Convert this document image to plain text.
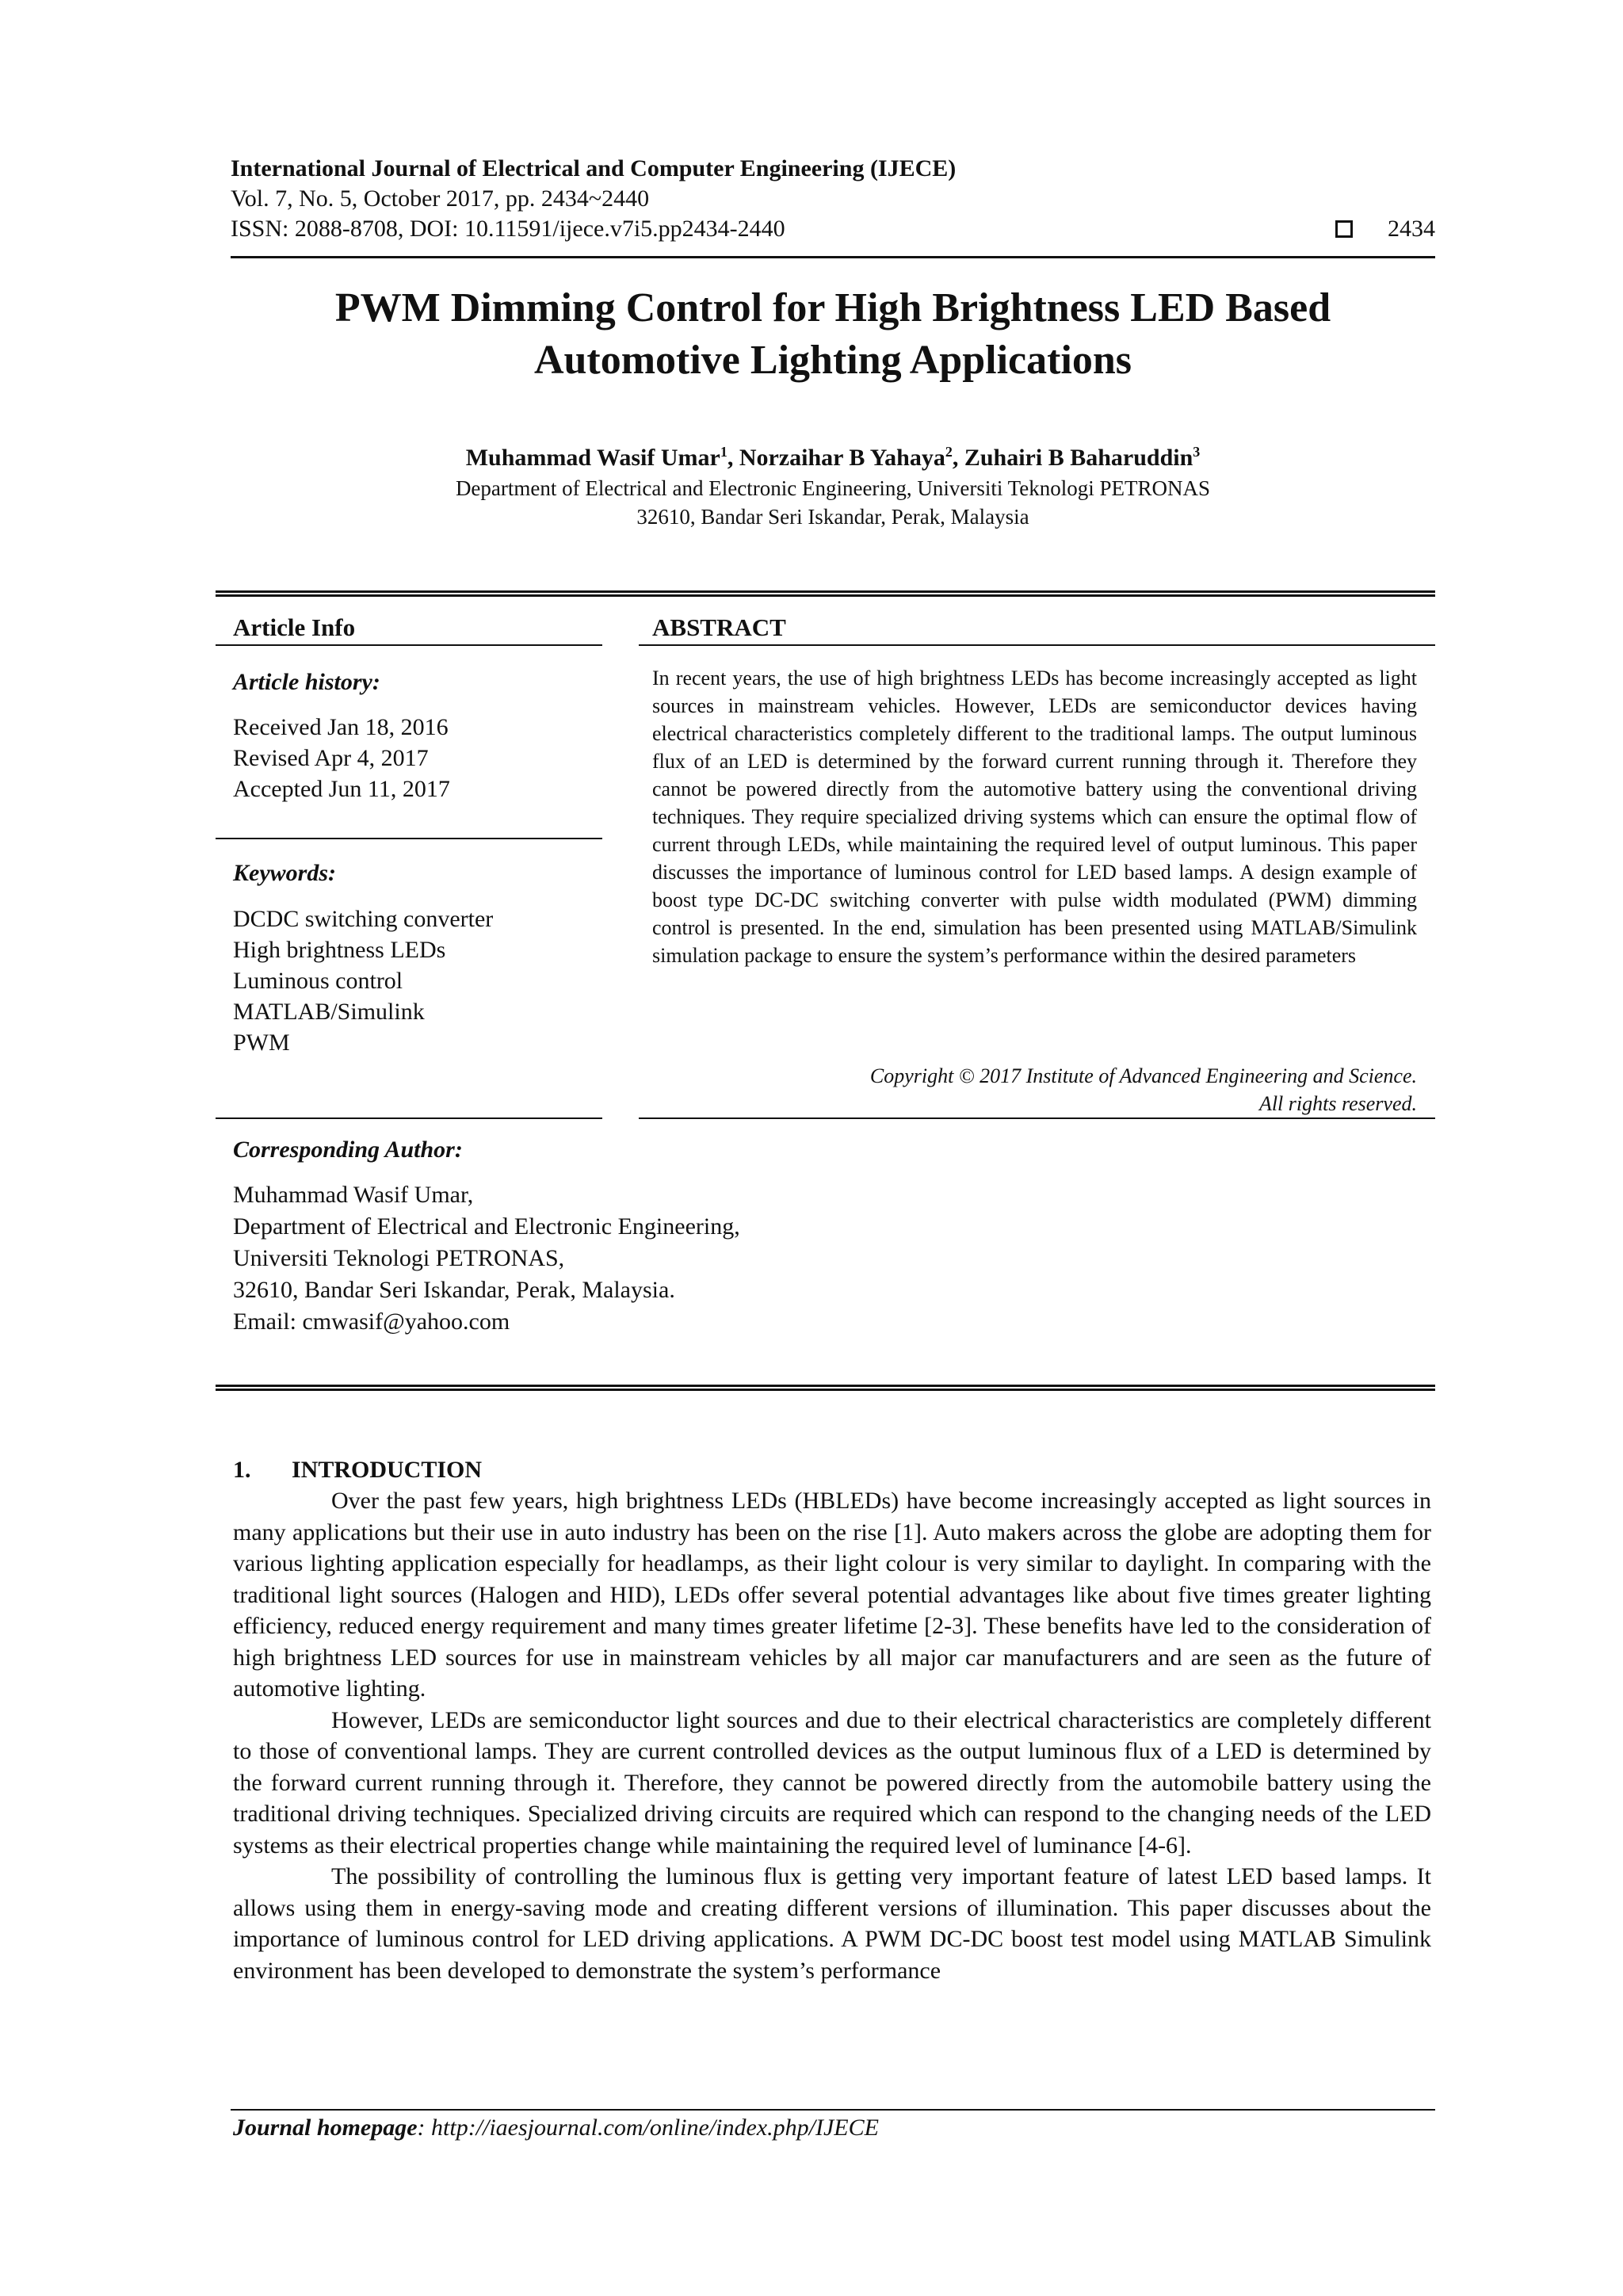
International Journal of Electrical and Computer Engineering (IJECE)
Vol. 7, No. 5, October 2017, pp. 2434~2440
ISSN: 2088-8708, DOI: 10.11591/ijece.v7i5.pp2434-2440	2434
PWM Dimming Control for High Brightness LED Based
Automotive Lighting Applications
Muhammad Wasif Umar$^1$, Norzaihar B Yahaya$^2$, Zuhairi B Baharuddin$^3$
Department of Electrical and Electronic Engineering, Universiti Teknologi PETRONAS
32610, Bandar Seri Iskandar, Perak, Malaysia
Article Info	ABSTRACT
Article history:
Received Jan 18, 2016
Revised Apr 4, 2017
Accepted Jun 11, 2017
Keywords:
DCDC switching converter
High brightness LEDs
Luminous control
MATLAB/Simulink
PWM
In recent years, the use of high brightness LEDs has become increasingly accepted as light sources in mainstream vehicles. However, LEDs are semiconductor devices having electrical characteristics completely different to the traditional lamps. The output luminous flux of an LED is determined by the forward current running through it. Therefore they cannot be powered directly from the automotive battery using the conventional driving techniques. They require specialized driving systems which can ensure the optimal flow of current through LEDs, while maintaining the required level of output luminous. This paper discusses the importance of luminous control for LED based lamps. A design example of boost type DC-DC switching converter with pulse width modulated (PWM) dimming control is presented. In the end, simulation has been presented using MATLAB/Simulink simulation package to ensure the system’s performance within the desired parameters
Copyright © 2017 Institute of Advanced Engineering and Science.
All rights reserved.
Corresponding Author:
Muhammad Wasif Umar,
Department of Electrical and Electronic Engineering,
Universiti Teknologi PETRONAS,
32610, Bandar Seri Iskandar, Perak, Malaysia.
Email: cmwasif@yahoo.com
1. INTRODUCTION

Over the past few years, high brightness LEDs (HBLEDs) have become increasingly accepted as light sources in many applications but their use in auto industry has been on the rise [1]. Auto makers across the globe are adopting them for various lighting application especially for headlamps, as their light colour is very similar to daylight. In comparing with the traditional light sources (Halogen and HID), LEDs offer several potential advantages like about five times greater lighting efficiency, reduced energy requirement and many times greater lifetime [2-3]. These benefits have led to the consideration of high brightness LED sources for use in mainstream vehicles by all major car manufacturers and are seen as the future of automotive lighting.

However, LEDs are semiconductor light sources and due to their electrical characteristics are completely different to those of conventional lamps. They are current controlled devices as the output luminous flux of a LED is determined by the forward current running through it. Therefore, they cannot be powered directly from the automobile battery using the traditional driving techniques. Specialized driving circuits are required which can respond to the changing needs of the LED systems as their electrical properties change while maintaining the required level of luminance [4-6].

The possibility of controlling the luminous flux is getting very important feature of latest LED based lamps. It allows using them in energy-saving mode and creating different versions of illumination. This paper discusses about the importance of luminous control for LED driving applications. A PWM DC-DC boost test model using MATLAB Simulink environment has been developed to demonstrate the system’s performance

Journal homepage: http://iaesjournal.com/online/index.php/IJECE
